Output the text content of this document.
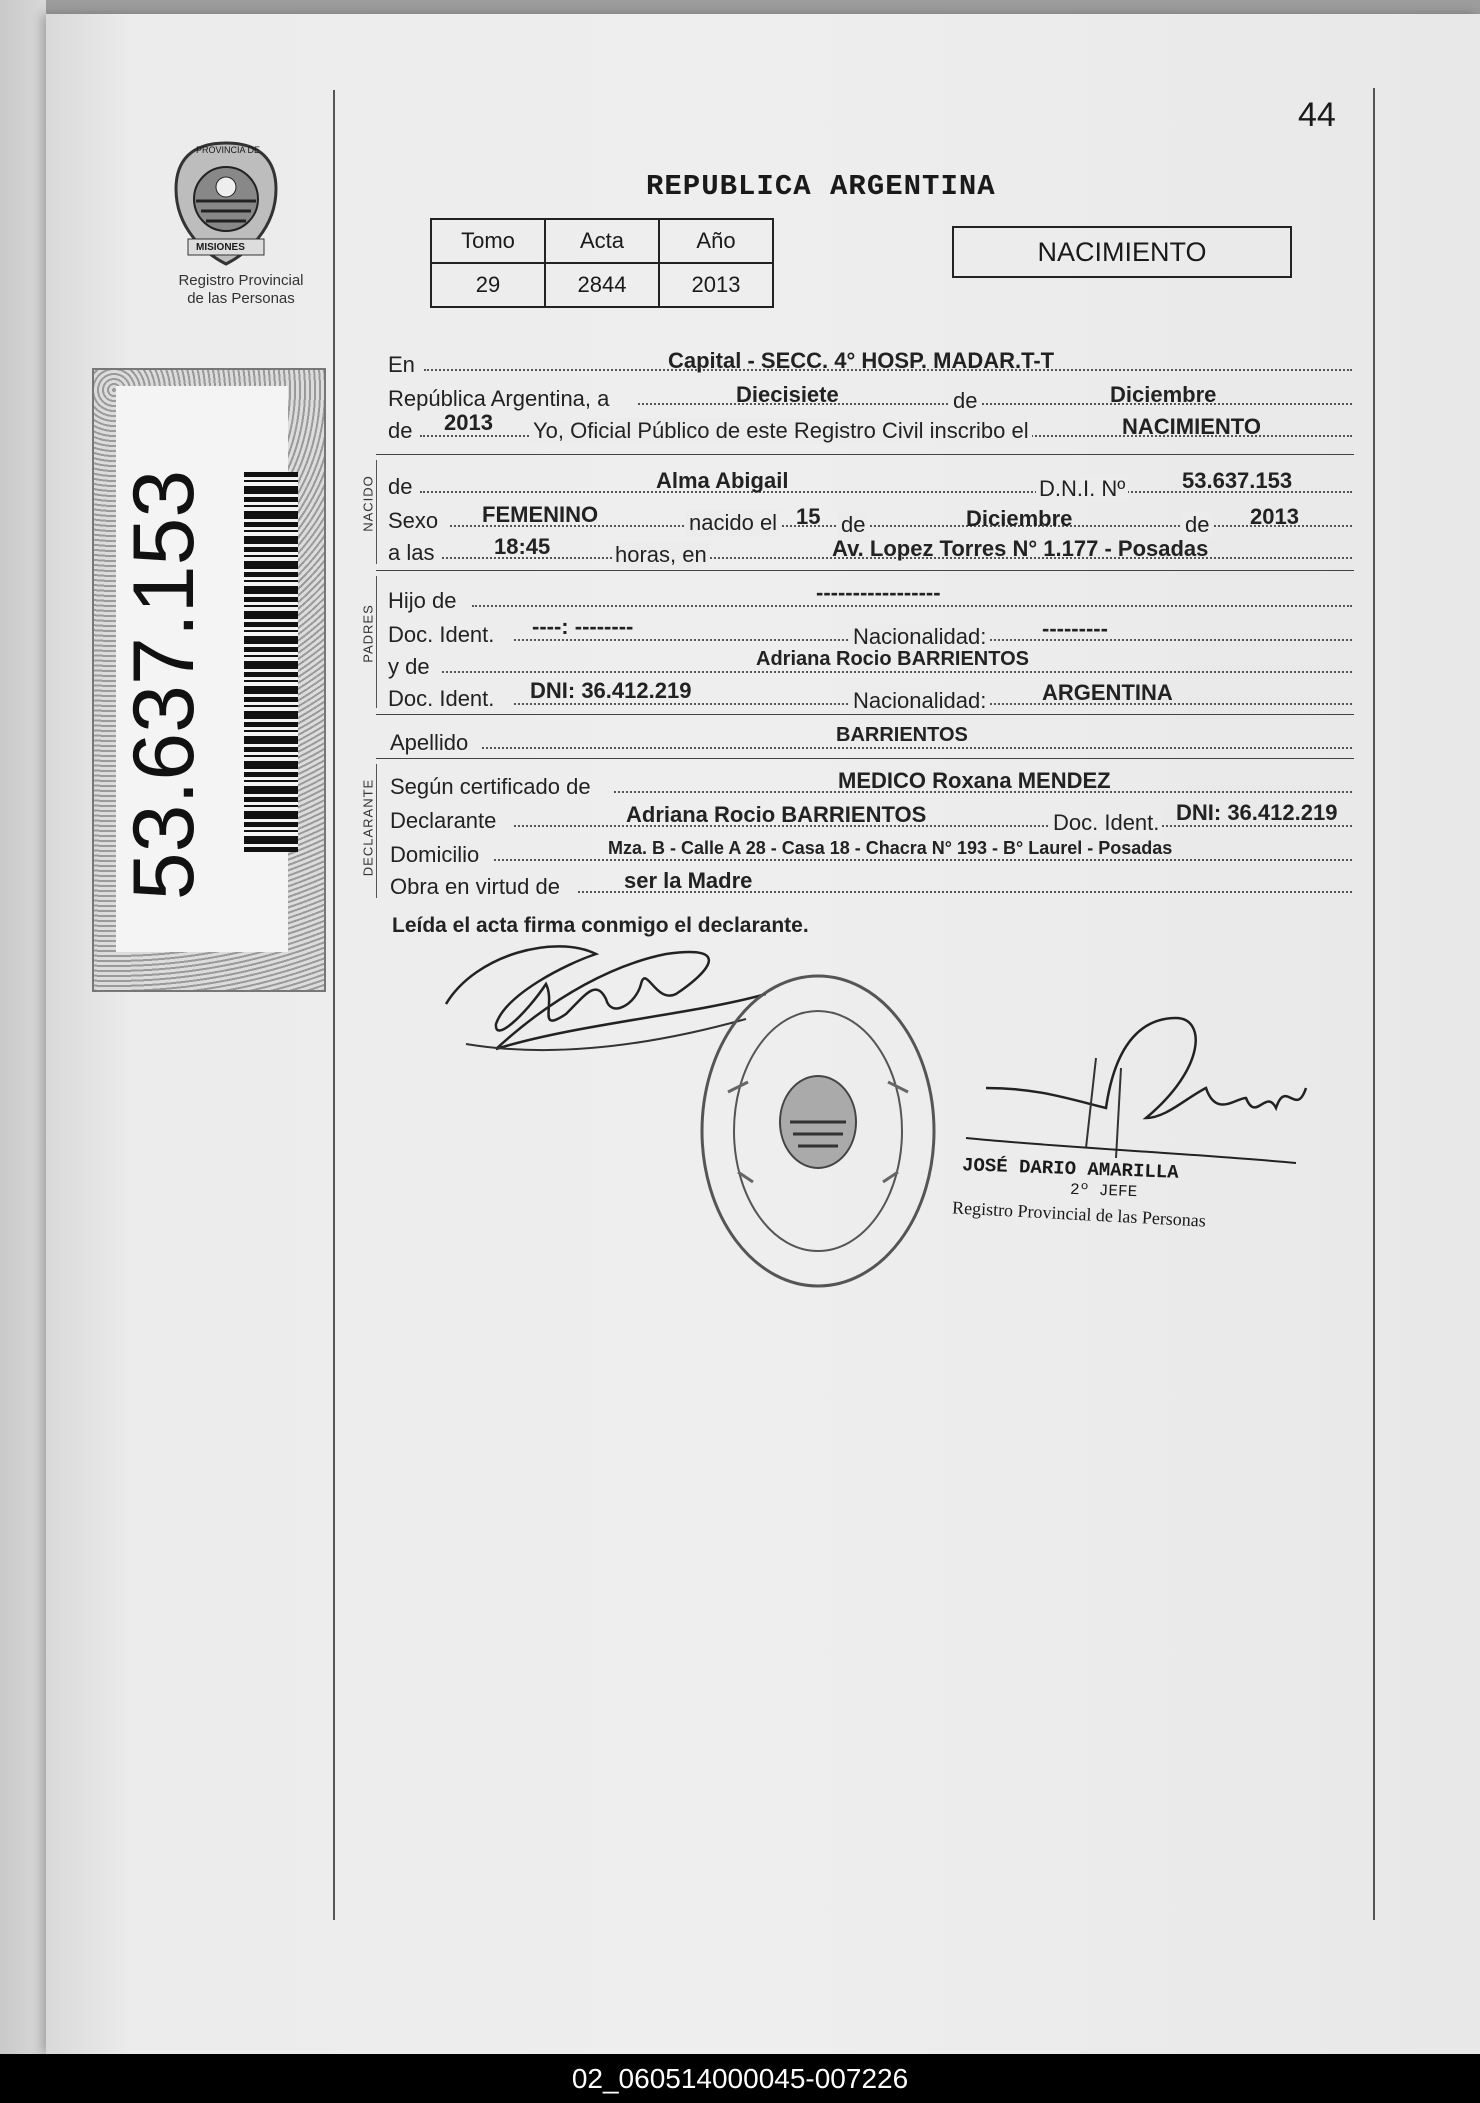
44
PROVINCIA DE
MISIONES
Registro Provincial
de las Personas
53.637.153
REPUBLICA ARGENTINA
Tomo	Acta	Año
29	2844	2013
NACIMIENTO
En	Capital - SECC. 4° HOSP. MADAR.T-T
República Argentina, a	Diecisiete	de	Diciembre
de 2013 Yo, Oficial Público de este Registro Civil inscribo el	NACIMIENTO
NACIDO de	Alma Abigail	D.N.I. Nº	53.637.153
Sexo FEMENINO	nacido el 15 de	Diciembre	de 2013
a las	18:45	horas, en	Av. Lopez Torres N° 1.177 - Posadas
PADRES
Hijo de	-----------------
Doc. Ident. ----: --------	Nacionalidad:	---------
y de	Adriana Rocio BARRIENTOS
Doc. Ident. DNI: 36.412.219	Nacionalidad:	ARGENTINA
Apellido	BARRIENTOS
DECLARANTE Según certificado de	MEDICO Roxana MENDEZ
Declarante	Adriana Rocio BARRIENTOS	Doc. Ident. DNI: 36.412.219
Domicilio	Mza. B - Calle A 28 - Casa 18 - Chacra N° 193 - B° Laurel - Posadas
Obra en virtud de	ser la Madre
Leída el acta firma conmigo el declarante.
JOSÉ DARIO AMARILLA
2º JEFE
Registro Provincial de las Personas
02_060514000045-007226
